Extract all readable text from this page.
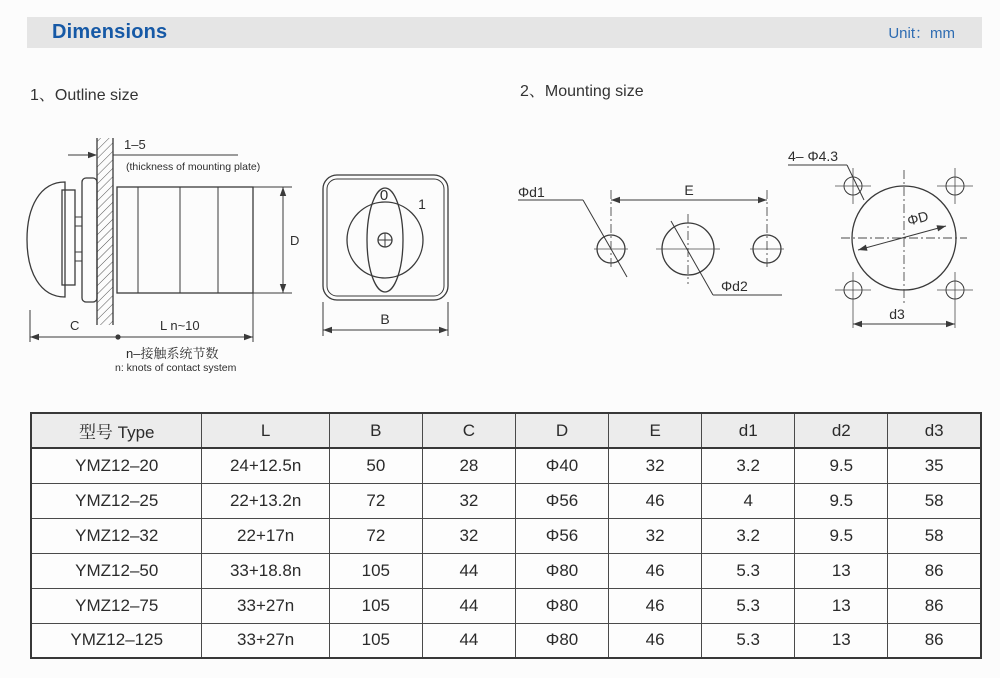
Dimensions	Unit：mm
1、Outline size	2、Mounting size
1–5
(thickness of mounting plate)
D
C	L n~10
n–接触系统节数
n: knots of contact system
0 1
B
Φd1	E
Φd2
4– Φ4.3
ΦD
d3
型号 Type	L	B	C	D	E	d1	d2	d3
YMZ12–20	24+12.5n	50	28	Φ40	32	3.2	9.5	35
YMZ12–25	22+13.2n	72	32	Φ56	46	4	9.5	58
YMZ12–32	22+17n	72	32	Φ56	32	3.2	9.5	58
YMZ12–50	33+18.8n	105	44	Φ80	46	5.3	13	86
YMZ12–75	33+27n	105	44	Φ80	46	5.3	13	86
YMZ12–125	33+27n	105	44	Φ80	46	5.3	13	86
